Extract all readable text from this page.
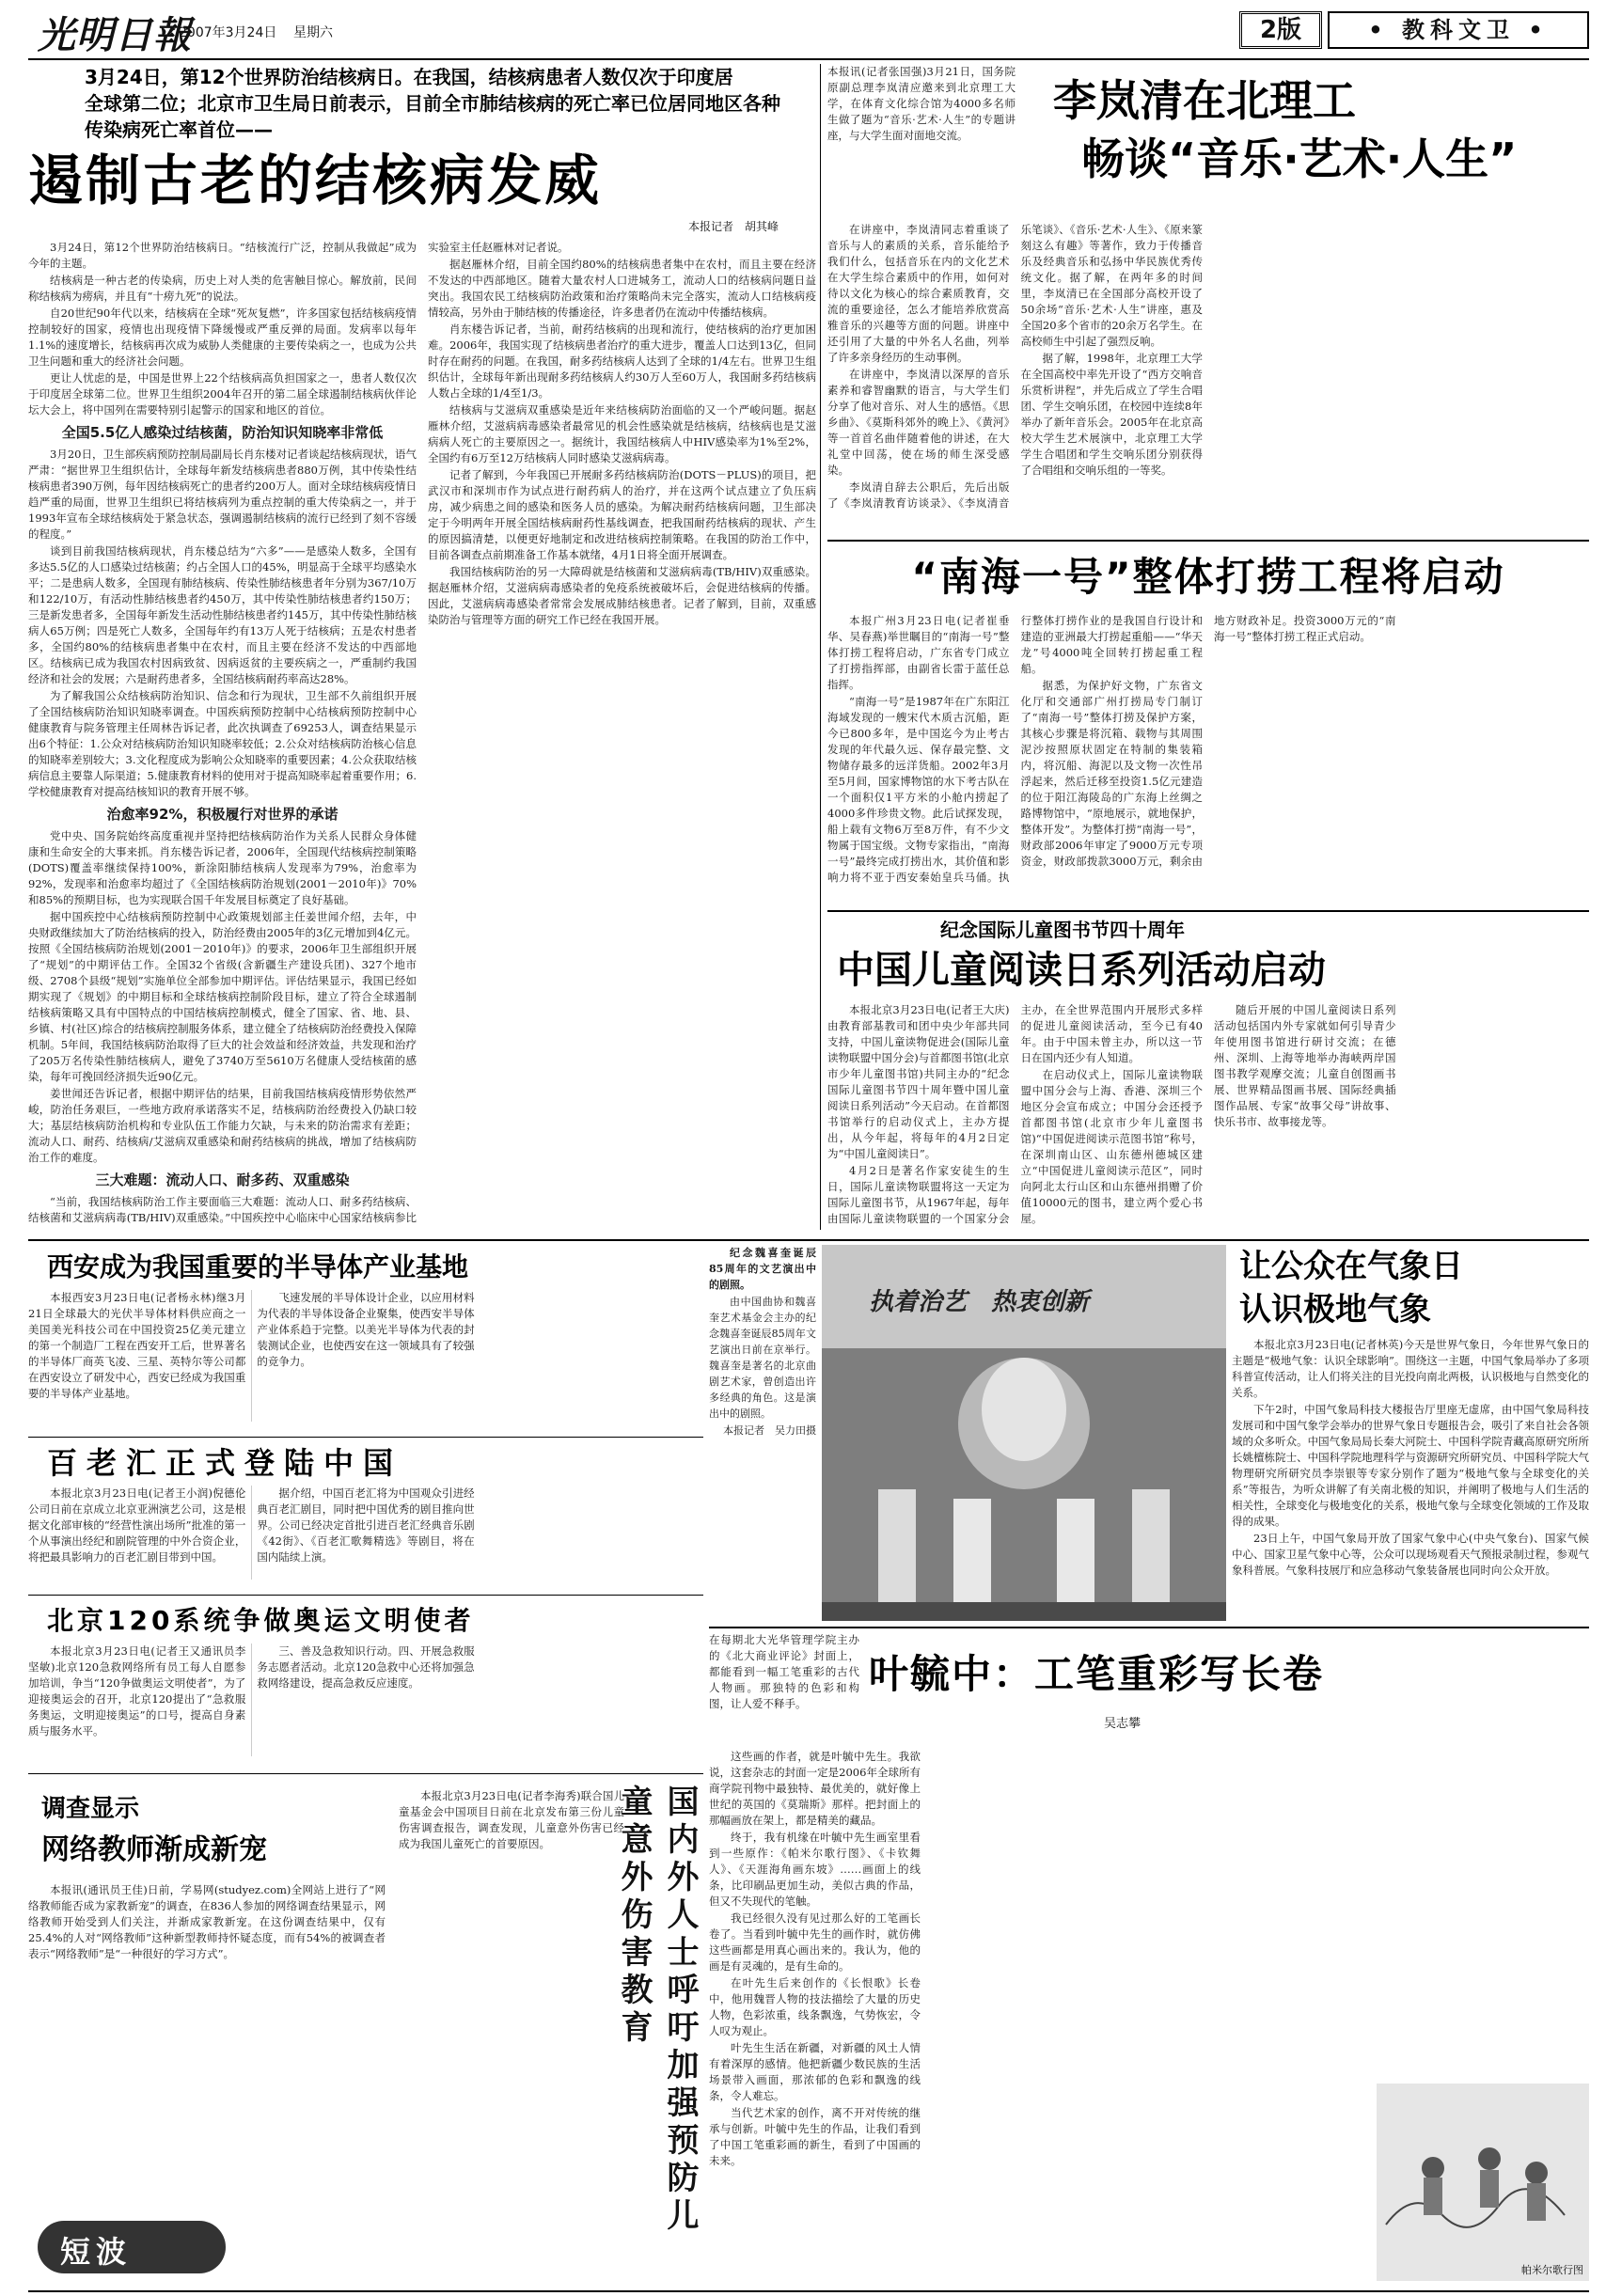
光明日報
2007年3月24日 星期六	2版	• 教科文卫 •
3月24日，第12个世界防治结核病日。在我国，结核病患者人数仅次于印度居
全球第二位；北京市卫生局日前表示，目前全市肺结核病的死亡率已位居同地区各种
传染病死亡率首位——
遏制古老的结核病发威
本报记者　胡其峰

3月24日，第12个世界防治结核病日。“结核流行广泛，控制从我做起”成为今年的主题。

结核病是一种古老的传染病，历史上对人类的危害触目惊心。解放前，民间称结核病为痨病，并且有“十痨九死”的说法。

自20世纪90年代以来，结核病在全球“死灰复燃”，许多国家包括结核病疫情控制较好的国家，疫情也出现疫情下降缓慢或严重反弹的局面。发病率以每年1.1%的速度增长，结核病再次成为威胁人类健康的主要传染病之一，也成为公共卫生问题和重大的经济社会问题。

更让人忧虑的是，中国是世界上22个结核病高负担国家之一，患者人数仅次于印度居全球第二位。世界卫生组织2004年召开的第二届全球遏制结核病伙伴论坛大会上，将中国列在需要特别引起警示的国家和地区的首位。

全国5.5亿人感染过结核菌，防治知识知晓率非常低

3月20日，卫生部疾病预防控制局副局长肖东楼对记者谈起结核病现状，语气严肃：“据世界卫生组织估计，全球每年新发结核病患者880万例，其中传染性结核病患者390万例，每年因结核病死亡的患者约200万人。面对全球结核病疫情日趋严重的局面，世界卫生组织已将结核病列为重点控制的重大传染病之一，并于1993年宣布全球结核病处于紧急状态，强调遏制结核病的流行已经到了刻不容缓的程度。”

谈到目前我国结核病现状，肖东楼总结为“六多”——是感染人数多，全国有多达5.5亿的人口感染过结核菌；约占全国人口的45%，明显高于全球平均感染水平；二是患病人数多，全国现有肺结核病、传染性肺结核患者年分别为367/10万和122/10万，有活动性肺结核患者约450万，其中传染性肺结核患者约150万；三是新发患者多，全国每年新发生活动性肺结核患者约145万，其中传染性肺结核病人65万例；四是死亡人数多，全国每年约有13万人死于结核病；五是农村患者多，全国约80%的结核病患者集中在农村，而且主要在经济不发达的中西部地区。结核病已成为我国农村因病致贫、因病返贫的主要疾病之一，严重制约我国经济和社会的发展；六是耐药患者多，全国结核病耐药率高达28%。

为了解我国公众结核病防治知识、信念和行为现状，卫生部不久前组织开展了全国结核病防治知识知晓率调查。中国疾病预防控制中心结核病预防控制中心健康教育与院务管理主任周林告诉记者，此次执调查了69253人，调查结果显示出6个特征：1.公众对结核病防治知识知晓率较低；2.公众对结核病防治核心信息的知晓率差别较大；3.文化程度成为影响公众知晓率的重要因素；4.公众获取结核病信息主要靠人际渠道；5.健康教育材料的使用对于提高知晓率起着重要作用；6.学校健康教育对提高结核知识的教育开展不够。

治愈率92%，积极履行对世界的承诺

党中央、国务院始终高度重视并坚持把结核病防治作为关系人民群众身体健康和生命安全的大事来抓。肖东楼告诉记者，2006年，全国现代结核病控制策略(DOTS)覆盖率继续保持100%，新涂阳肺结核病人发现率为79%，治愈率为92%，发现率和治愈率均超过了《全国结核病防治规划(2001－2010年)》70%和85%的预期目标，也为实现联合国千年发展目标奠定了良好基础。

据中国疾控中心结核病预防控制中心政策规划部主任姜世闻介绍，去年，中央财政继续加大了防治结核病的投入，防治经费由2005年的3亿元增加到4亿元。按照《全国结核病防治规划(2001－2010年)》的要求，2006年卫生部组织开展了“规划”的中期评估工作。全国32个省级(含新疆生产建设兵团)、327个地市级、2708个县级“规划”实施单位全部参加中期评估。评估结果显示，我国已经如期实现了《规划》的中期目标和全球结核病控制阶段目标，建立了符合全球遏制结核病策略又具有中国特点的中国结核病控制模式，健全了国家、省、地、县、乡镇、村(社区)综合的结核病控制服务体系，建立健全了结核病防治经费投入保障机制。5年间，我国结核病防治取得了巨大的社会效益和经济效益，共发现和治疗了205万名传染性肺结核病人，避免了3740万至5610万名健康人受结核菌的感染，每年可挽回经济损失近90亿元。

姜世闻还告诉记者，根据中期评估的结果，目前我国结核病疫情形势依然严峻，防治任务艰巨，一些地方政府承诺落实不足，结核病防治经费投入仍缺口较大；基层结核病防治机构和专业队伍工作能力欠缺，与未来的防治需求有差距；流动人口、耐药、结核病/艾滋病双重感染和耐药结核病的挑战，增加了结核病防治工作的难度。

三大难题：流动人口、耐多药、双重感染

“当前，我国结核病防治工作主要面临三大难题：流动人口、耐多药结核病、结核菌和艾滋病病毒(TB/HIV)双重感染。”中国疾控中心临床中心国家结核病参比实验室主任赵雁林对记者说。

据赵雁林介绍，目前全国约80%的结核病患者集中在农村，而且主要在经济不发达的中西部地区。随着大量农村人口进城务工，流动人口的结核病问题日益突出。我国农民工结核病防治政策和治疗策略尚未完全落实，流动人口结核病疫情较高，另外由于肺结核的传播途径，许多患者仍在流动中传播结核病。

肖东楼告诉记者，当前，耐药结核病的出现和流行，使结核病的治疗更加困难。2006年，我国实现了结核病患者治疗的重大进步，覆盖人口达到13亿，但同时存在耐药的问题。在我国，耐多药结核病人达到了全球的1/4左右。世界卫生组织估计，全球每年新出现耐多药结核病人约30万人至60万人，我国耐多药结核病人数占全球的1/4至1/3。

结核病与艾滋病双重感染是近年来结核病防治面临的又一个严峻问题。据赵雁林介绍，艾滋病病毒感染者最常见的机会性感染就是结核病，结核病也是艾滋病病人死亡的主要原因之一。据统计，我国结核病人中HIV感染率为1%至2%，全国约有6万至12万结核病人同时感染艾滋病病毒。

记者了解到，今年我国已开展耐多药结核病防治(DOTS－PLUS)的项目，把武汉市和深圳市作为试点进行耐药病人的治疗，并在这两个试点建立了负压病房，减少病患之间的感染和医务人员的感染。为解决耐药结核病问题，卫生部决定于今明两年开展全国结核病耐药性基线调查，把我国耐药结核病的现状、产生的原因搞清楚，以便更好地制定和改进结核病控制策略。在我国的防治工作中，目前各调查点前期准备工作基本就绪，4月1日将全面开展调查。

我国结核病防治的另一大障碍就是结核菌和艾滋病病毒(TB/HIV)双重感染。据赵雁林介绍，艾滋病病毒感染者的免疫系统被破坏后，会促进结核病的传播。因此，艾滋病病毒感染者常常会发展成肺结核患者。记者了解到，目前，双重感染防治与管理等方面的研究工作已经在我国开展。

本报讯(记者张国强)3月21日，国务院原副总理李岚清应邀来到北京理工大学，在体育文化综合馆为4000多名师生做了题为“音乐·艺术·人生”的专题讲座，与大学生面对面地交流。
李岚清在北理工
畅谈“音乐·艺术·人生”

在讲座中，李岚清同志着重谈了音乐与人的素质的关系，音乐能给予我们什么，包括音乐在内的文化艺术在大学生综合素质中的作用，如何对待以文化为核心的综合素质教育，交流的重要途径，怎么才能培养欣赏高雅音乐的兴趣等方面的问题。讲座中还引用了大量的中外名人名曲，列举了许多亲身经历的生动事例。

在讲座中，李岚清以深厚的音乐素养和睿智幽默的语言，与大学生们分享了他对音乐、对人生的感悟。《思乡曲》、《莫斯科郊外的晚上》、《黄河》等一首首名曲伴随着他的讲述，在大礼堂中回荡，使在场的师生深受感染。

李岚清自辞去公职后，先后出版了《李岚清教育访谈录》、《李岚清音乐笔谈》、《音乐·艺术·人生》、《原来篆刻这么有趣》等著作，致力于传播音乐及经典音乐和弘扬中华民族优秀传统文化。据了解，在两年多的时间里，李岚清已在全国部分高校开设了50余场“音乐·艺术·人生”讲座，惠及全国20多个省市的20余万名学生。在高校师生中引起了强烈反响。

据了解，1998年，北京理工大学在全国高校中率先开设了“西方交响音乐赏析讲程”，并先后成立了学生合唱团、学生交响乐团，在校园中连续8年举办了新年音乐会。2005年在北京高校大学生艺术展演中，北京理工大学学生合唱团和学生交响乐团分别获得了合唱组和交响乐组的一等奖。

“南海一号”整体打捞工程将启动

本报广州3月23日电(记者崔垂华、吴春燕)举世瞩目的“南海一号”整体打捞工程将启动，广东省专门成立了打捞指挥部，由副省长雷于蓝任总指挥。

“南海一号”是1987年在广东阳江海域发现的一艘宋代木质古沉船，距今已800多年，是中国迄今为止考古发现的年代最久远、保存最完整、文物储存最多的远洋货船。2002年3月至5月间，国家博物馆的水下考古队在一个面积仅1平方米的小舱内捞起了4000多件珍贵文物。此后试探发现，船上载有文物6万至8万件，有不少文物属于国宝级。文物专家指出，“南海一号”最终完成打捞出水，其价值和影响力将不亚于西安秦始皇兵马俑。执行整体打捞作业的是我国自行设计和建造的亚洲最大打捞起重船——“华天龙”号4000吨全回转打捞起重工程船。

据悉，为保护好文物，广东省文化厅和交通部广州打捞局专门制订了“南海一号”整体打捞及保护方案，其核心步骤是将沉箱、载物与其周围泥沙按照原状固定在特制的集装箱内，将沉船、海泥以及文物一次性吊浮起来，然后迁移至投资1.5亿元建造的位于阳江海陵岛的广东海上丝绸之路博物馆中，“原地展示，就地保护，整体开发”。为整体打捞“南海一号”，财政部2006年审定了9000万元专项资金，财政部拨款3000万元，剩余由地方财政补足。投资3000万元的“南海一号”整体打捞工程正式启动。

纪念国际儿童图书节四十周年
中国儿童阅读日系列活动启动

本报北京3月23日电(记者王大庆)由教育部基教司和团中央少年部共同支持，中国儿童读物促进会(国际儿童读物联盟中国分会)与首都图书馆(北京市少年儿童图书馆)共同主办的“纪念国际儿童图书节四十周年暨中国儿童阅读日系列活动”今天启动。在首都图书馆举行的启动仪式上，主办方提出，从今年起，将每年的4月2日定为“中国儿童阅读日”。

4月2日是著名作家安徒生的生日，国际儿童读物联盟将这一天定为国际儿童图书节，从1967年起，每年由国际儿童读物联盟的一个国家分会主办，在全世界范围内开展形式多样的促进儿童阅读活动，至今已有40年。由于中国未曾主办，所以这一节日在国内还少有人知道。

在启动仪式上，国际儿童读物联盟中国分会与上海、香港、深圳三个地区分会宣布成立；中国分会还授予首都图书馆(北京市少年儿童图书馆)“中国促进阅读示范图书馆”称号，在深圳南山区、山东德州德城区建立“中国促进儿童阅读示范区”，同时向阿北太行山区和山东德州捐赠了价值10000元的图书，建立两个爱心书屋。

随后开展的中国儿童阅读日系列活动包括国内外专家就如何引导青少年使用图书馆进行研讨交流；在德州、深圳、上海等地举办海峡两岸国图书教学观摩交流；儿童自创图画书展、世界精品图画书展、国际经典插图作品展、专家“故事父母”讲故事、快乐书市、故事接龙等。

执着治艺　热衷创新

纪念魏喜奎诞辰85周年的文艺演出中的剧照。

由中国曲协和魏喜奎艺术基金会主办的纪念魏喜奎诞辰85周年文艺演出日前在京举行。魏喜奎是著名的北京曲剧艺术家，曾创造出许多经典的角色。这是演出中的剧照。

本报记者　吴力田摄
让公众在气象日
认识极地气象

本报北京3月23日电(记者林英)今天是世界气象日，今年世界气象日的主题是“极地气象：认识全球影响”。围绕这一主题，中国气象局举办了多项科普宣传活动，让人们将关注的目光投向南北两极，认识极地与自然变化的关系。

下午2时，中国气象局科技大楼报告厅里座无虚席，由中国气象局科技发展司和中国气象学会举办的世界气象日专题报告会，吸引了来自社会各领域的众多听众。中国气象局局长秦大河院士、中国科学院青藏高原研究所所长姚檀栋院士、中国科学院地理科学与资源研究所研究员、中国科学院大气物理研究所研究员李崇银等专家分别作了题为“极地气象与全球变化的关系”等报告，为听众讲解了有关南北极的知识，并阐明了极地与人们生活的相关性，全球变化与极地变化的关系，极地气象与全球变化领域的工作及取得的成果。

23日上午，中国气象局开放了国家气象中心(中央气象台)、国家气候中心、国家卫星气象中心等，公众可以现场观看天气预报录制过程，参观气象科普展。气象科技展厅和应急移动气象装备展也同时向公众开放。

西安成为我国重要的半导体产业基地

本报西安3月23日电(记者杨永林)继3月21日全球最大的光伏半导体材料供应商之一美国美光科技公司在中国投资25亿美元建立的第一个制造厂工程在西安开工后，世界著名的半导体厂商英飞凌、三星、英特尔等公司都在西安设立了研发中心，西安已经成为我国重要的半导体产业基地。

飞速发展的半导体设计企业，以应用材料为代表的半导体设备企业聚集，使西安半导体产业体系趋于完整。以美光半导体为代表的封装测试企业，也使西安在这一领域具有了较强的竞争力。

百老汇正式登陆中国

本报北京3月23日电(记者王小润)倪德伦公司日前在京成立北京亚洲演艺公司，这是根据文化部审核的“经营性演出场所”批准的第一个从事演出经纪和剧院管理的中外合资企业，将把最具影响力的百老汇剧目带到中国。

据介绍，中国百老汇将为中国观众引进经典百老汇剧目，同时把中国优秀的剧目推向世界。公司已经决定首批引进百老汇经典音乐剧《42街》、《百老汇歌舞精选》等剧目，将在国内陆续上演。

北京120系统争做奥运文明使者

本报北京3月23日电(记者王又通讯员李坚敏)北京120急救网络所有员工每人自愿参加培训，争当“120争做奥运文明使者”，为了迎接奥运会的召开，北京120提出了“急救服务奥运，文明迎接奥运”的口号，提高自身素质与服务水平。

三、善及急救知识行动。四、开展急救服务志愿者活动。北京120急救中心还将加强急救网络建设，提高急救反应速度。

调查显示
网络教师渐成新宠

本报讯(通讯员王佳)日前，学易网(studyez.com)全网站上进行了“网络教师能否成为家教新宠”的调查，在836人参加的网络调查结果显示，网络教师开始受到人们关注，并渐成家教新宠。在这份调查结果中，仅有25.4%的人对“网络教师”这种新型教师持怀疑态度，而有54%的被调查者表示“网络教师”是“一种很好的学习方式”。

本报北京3月23日电(记者李海秀)联合国儿童基金会中国项目日前在北京发布第三份儿童伤害调查报告，调查发现，儿童意外伤害已经成为我国儿童死亡的首要原因。	国内外人士呼吁加强预防儿童意外伤害教育
短波
在每期北大光华管理学院主办的《北大商业评论》封面上，都能看到一幅工笔重彩的古代人物画。那独特的色彩和构图，让人爱不释手。
叶毓中：工笔重彩写长卷
吴志攀

这些画的作者，就是叶毓中先生。我欲说，这套杂志的封面一定是2006年全球所有商学院刊物中最独特、最优美的，就好像上世纪的英国的《莫瑞斯》那样。把封面上的那幅画放在架上，都是精美的藏品。

终于，我有机缘在叶毓中先生画室里看到一些原作：《帕米尔歌行图》、《卡钦舞人》、《天涯海角画东坡》……画面上的线条，比印刷品更加生动，美似古典的作品，但又不失现代的笔触。

我已经很久没有见过那么好的工笔画长卷了。当看到叶毓中先生的画作时，就仿佛这些画都是用真心画出来的。我认为，他的画是有灵魂的，是有生命的。

在叶先生后来创作的《长恨歌》长卷中，他用魏晋人物的技法描绘了大量的历史人物，色彩浓重，线条飘逸，气势恢宏，令人叹为观止。

叶先生生活在新疆，对新疆的风土人情有着深厚的感情。他把新疆少数民族的生活场景带入画面，那浓郁的色彩和飘逸的线条，令人难忘。

当代艺术家的创作，离不开对传统的继承与创新。叶毓中先生的作品，让我们看到了中国工笔重彩画的新生，看到了中国画的未来。

帕米尔歌行图
